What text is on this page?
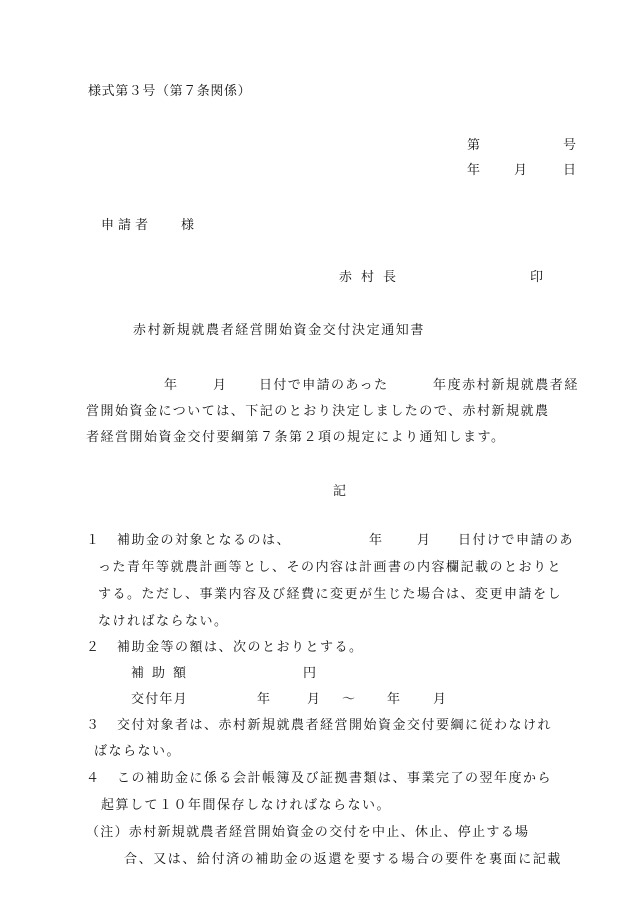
様式第３号（第７条関係）
第	号
年	月	日
申請者 様
赤村長	印
赤村新規就農者経営開始資金交付決定通知書
年	月 日付で申請のあった	年度赤村新規就農者経
営開始資金については、下記のとおり決定しましたので、赤村新規就農
者経営開始資金交付要綱第７条第２項の規定により通知します。
記
１ 補助金の対象となるのは、	年	月 日付けで申請のあ
った青年等就農計画等とし、その内容は計画書の内容欄記載のとおりと
する。ただし、事業内容及び経費に変更が生じた場合は、変更申請をし
なければならない。
２ 補助金等の額は、次のとおりとする。
補助額	円
交付年月	年	月 ～ 年 月
３ 交付対象者は、赤村新規就農者経営開始資金交付要綱に従わなけれ
ばならない。
４ この補助金に係る会計帳簿及び証拠書類は、事業完了の翌年度から
起算して１０年間保存しなければならない。
（注）赤村新規就農者経営開始資金の交付を中止、休止、停止する場
合、又は、給付済の補助金の返還を要する場合の要件を裏面に記載
